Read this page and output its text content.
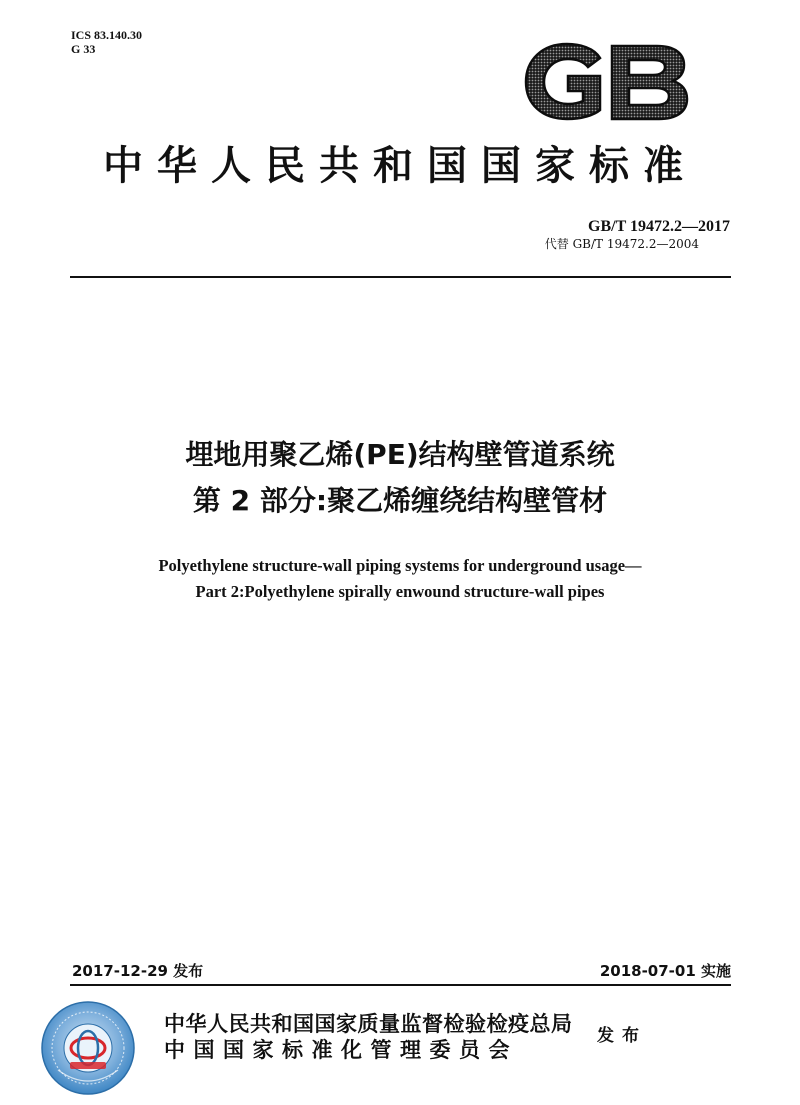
ICS 83.140.30
G 33
中华人民共和国国家标准
GB/T 19472.2—2017
代替 GB/T 19472.2—2004
埋地用聚乙烯(PE)结构壁管道系统
第 2 部分:聚乙烯缠绕结构壁管材
Polyethylene structure-wall piping systems for underground usage—
Part 2:Polyethylene spirally enwound structure-wall pipes
2017-12-29 发布	2018-07-01 实施
中华人民共和国国家质量监督检验检疫总局
中国国家标准化管理委员会
发布
